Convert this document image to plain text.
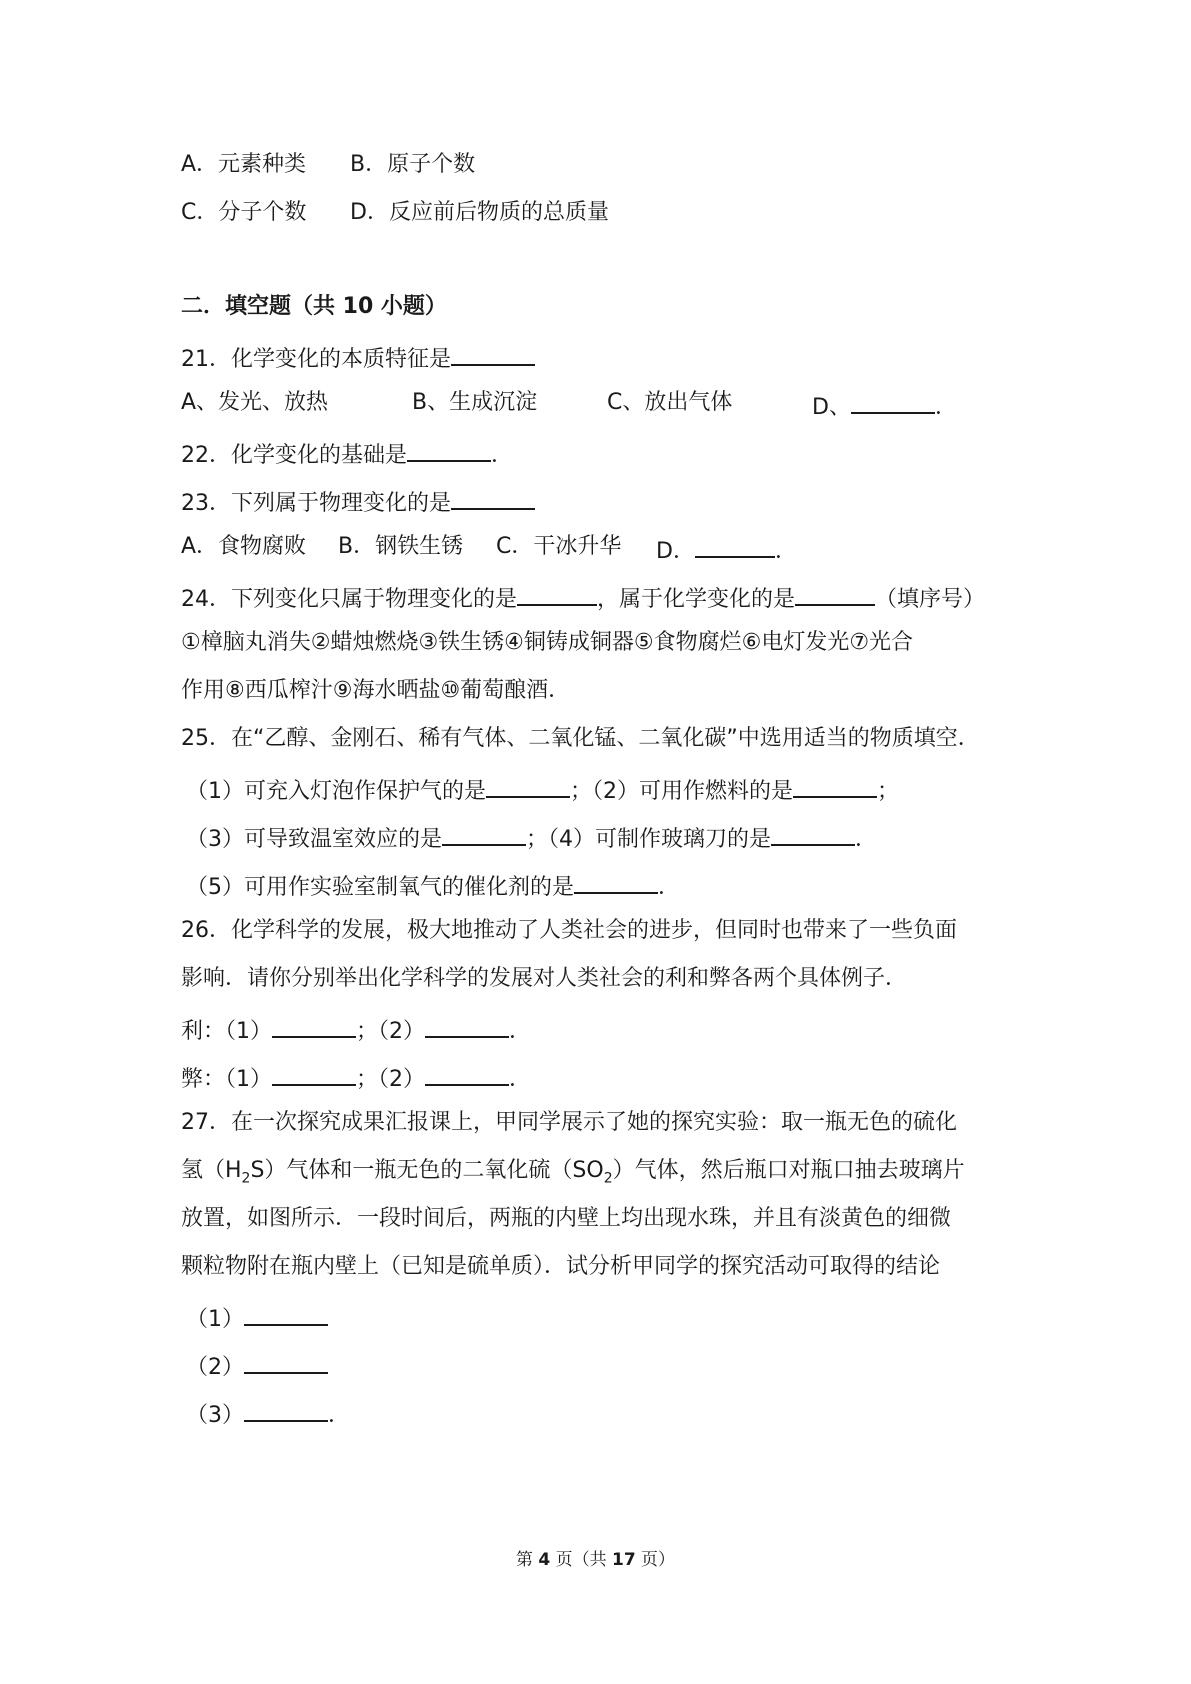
A．元素种类 B．原子个数
C．分子个数 D．反应前后物质的总质量
二．填空题（共 10 小题）
21．化学变化的本质特征是
A、发光、放热	B、生成沉淀	C、放出气体	D、	．
22．化学变化的基础是	．
23．下列属于物理变化的是
A．食物腐败 B．钢铁生锈 C．干冰升华 D．	．
24．下列变化只属于物理变化的是	，属于化学变化的是	（填序号）
①樟脑丸消失②蜡烛燃烧③铁生锈④铜铸成铜器⑤食物腐烂⑥电灯发光⑦光合
作用⑧西瓜榨汁⑨海水晒盐⑩葡萄酿酒．
25．在“乙醇、金刚石、稀有气体、二氧化锰、二氧化碳”中选用适当的物质填空．
（1）可充入灯泡作保护气的是	；（2）可用作燃料的是	；
（3）可导致温室效应的是	；（4）可制作玻璃刀的是	．
（5）可用作实验室制氧气的催化剂的是	．
26．化学科学的发展，极大地推动了人类社会的进步，但同时也带来了一些负面
影响．请你分别举出化学科学的发展对人类社会的利和弊各两个具体例子．
利：（1）	；（2）	．
弊：（1）	；（2）	．
27．在一次探究成果汇报课上，甲同学展示了她的探究实验：取一瓶无色的硫化
氢$(H_2S)$气体和一瓶无色的二氧化硫$(SO_2)$气体，然后瓶口对瓶口抽去玻璃片
放置，如图所示．一段时间后，两瓶的内壁上均出现水珠，并且有淡黄色的细微
颗粒物附在瓶内壁上（已知是硫单质）．试分析甲同学的探究活动可取得的结论
（1）
（2）
（3）	．
第 4 页（共 17 页）
